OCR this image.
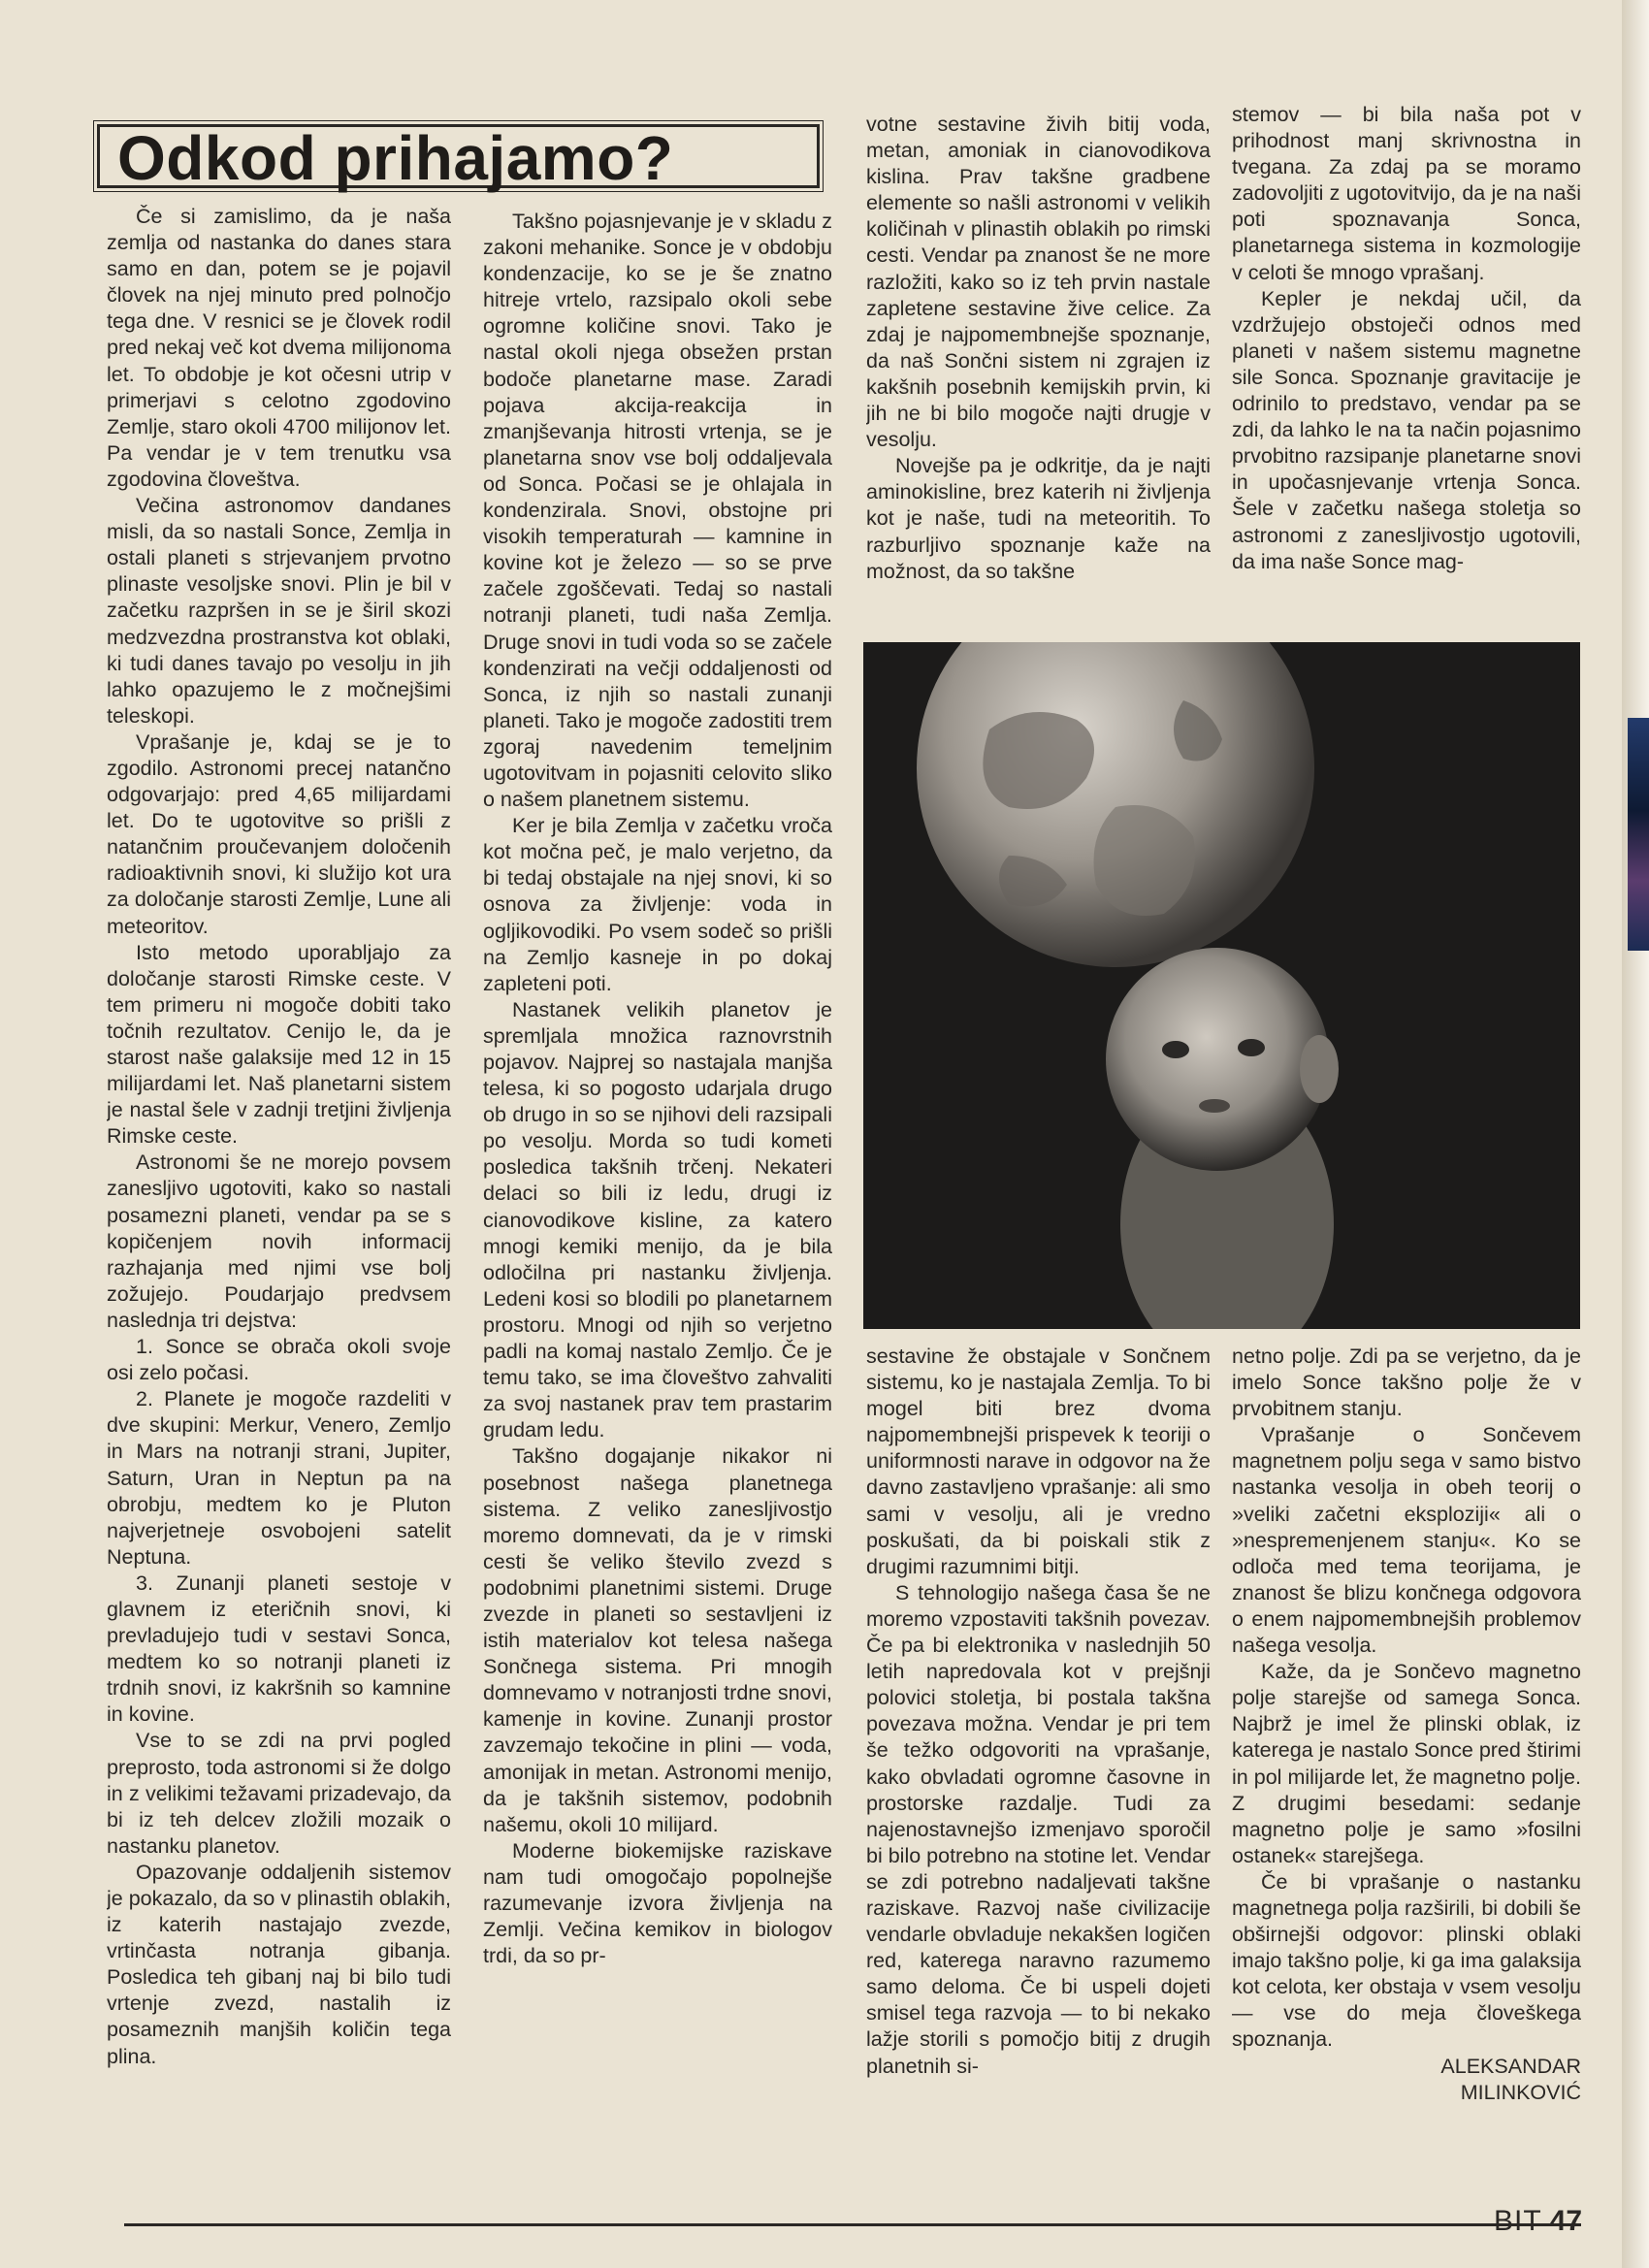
Odkod prihajamo?

Če si zamislimo, da je naša zemlja od nastanka do danes stara samo en dan, potem se je pojavil človek na njej minuto pred polnočjo tega dne. V resnici se je človek rodil pred nekaj več kot dvema milijonoma let. To obdobje je kot očesni utrip v primerjavi s celotno zgodovino Zemlje, staro okoli 4700 milijonov let. Pa vendar je v tem trenutku vsa zgodovina človeštva.

Večina astronomov dandanes misli, da so nastali Sonce, Zemlja in ostali planeti s strjevanjem prvotno plinaste vesoljske snovi. Plin je bil v začetku razpršen in se je širil skozi medzvezdna prostranstva kot oblaki, ki tudi danes tavajo po vesolju in jih lahko opazujemo le z močnejšimi teleskopi.

Vprašanje je, kdaj se je to zgodilo. Astronomi precej natančno odgovarjajo: pred 4,65 milijardami let. Do te ugotovitve so prišli z natančnim proučevanjem določenih radioaktivnih snovi, ki služijo kot ura za določanje starosti Zemlje, Lune ali meteoritov.

Isto metodo uporabljajo za določanje starosti Rimske ceste. V tem primeru ni mogoče dobiti tako točnih rezultatov. Cenijo le, da je starost naše galaksije med 12 in 15 milijardami let. Naš planetarni sistem je nastal šele v zadnji tretjini življenja Rimske ceste.

Astronomi še ne morejo povsem zanesljivo ugotoviti, kako so nastali posamezni planeti, vendar pa se s kopičenjem novih informacij razhajanja med njimi vse bolj zožujejo. Poudarjajo predvsem naslednja tri dejstva:

1. Sonce se obrača okoli svoje osi zelo počasi.

2. Planete je mogoče razdeliti v dve skupini: Merkur, Venero, Zemljo in Mars na notranji strani, Jupiter, Saturn, Uran in Neptun pa na obrobju, medtem ko je Pluton najverjetneje osvobojeni satelit Neptuna.

3. Zunanji planeti sestoje v glavnem iz eteričnih snovi, ki prevladujejo tudi v sestavi Sonca, medtem ko so notranji planeti iz trdnih snovi, iz kakršnih so kamnine in kovine.

Vse to se zdi na prvi pogled preprosto, toda astronomi si že dolgo in z velikimi težavami prizadevajo, da bi iz teh delcev zložili mozaik o nastanku planetov.

Opazovanje oddaljenih sistemov je pokazalo, da so v plinastih oblakih, iz katerih nastajajo zvezde, vrtinčasta notranja gibanja. Posledica teh gibanj naj bi bilo tudi vrtenje zvezd, nastalih iz posameznih manjših količin tega plina.

Takšno pojasnjevanje je v skladu z zakoni mehanike. Sonce je v obdobju kondenzacije, ko se je še znatno hitreje vrtelo, razsipalo okoli sebe ogromne količine snovi. Tako je nastal okoli njega obsežen prstan bodoče planetarne mase. Zaradi pojava akcija-reakcija in zmanjševanja hitrosti vrtenja, se je planetarna snov vse bolj oddaljevala od Sonca. Počasi se je ohlajala in kondenzirala. Snovi, obstojne pri visokih temperaturah — kamnine in kovine kot je železo — so se prve začele zgoščevati. Tedaj so nastali notranji planeti, tudi naša Zemlja. Druge snovi in tudi voda so se začele kondenzirati na večji oddaljenosti od Sonca, iz njih so nastali zunanji planeti. Tako je mogoče zadostiti trem zgoraj navedenim temeljnim ugotovitvam in pojasniti celovito sliko o našem planetnem sistemu.

Ker je bila Zemlja v začetku vroča kot močna peč, je malo verjetno, da bi tedaj obstajale na njej snovi, ki so osnova za življenje: voda in ogljikovodiki. Po vsem sodeč so prišli na Zemljo kasneje in po dokaj zapleteni poti.

Nastanek velikih planetov je spremljala množica raznovrstnih pojavov. Najprej so nastajala manjša telesa, ki so pogosto udarjala drugo ob drugo in so se njihovi deli razsipali po vesolju. Morda so tudi kometi posledica takšnih trčenj. Nekateri delaci so bili iz ledu, drugi iz cianovodikove kisline, za katero mnogi kemiki menijo, da je bila odločilna pri nastanku življenja. Ledeni kosi so blodili po planetarnem prostoru. Mnogi od njih so verjetno padli na komaj nastalo Zemljo. Če je temu tako, se ima človeštvo zahvaliti za svoj nastanek prav tem prastarim grudam ledu.

Takšno dogajanje nikakor ni posebnost našega planetnega sistema. Z veliko zanesljivostjo moremo domnevati, da je v rimski cesti še veliko število zvezd s podobnimi planetnimi sistemi. Druge zvezde in planeti so sestavljeni iz istih materialov kot telesa našega Sončnega sistema. Pri mnogih domnevamo v notranjosti trdne snovi, kamenje in kovine. Zunanji prostor zavzemajo tekočine in plini — voda, amonijak in metan. Astronomi menijo, da je takšnih sistemov, podobnih našemu, okoli 10 milijard.

Moderne biokemijske raziskave nam tudi omogočajo popolnejše razumevanje izvora življenja na Zemlji. Večina kemikov in biologov trdi, da so pr-

votne sestavine živih bitij voda, metan, amoniak in cianovodikova kislina. Prav takšne gradbene elemente so našli astronomi v velikih količinah v plinastih oblakih po rimski cesti. Vendar pa znanost še ne more razložiti, kako so iz teh prvin nastale zapletene sestavine žive celice. Za zdaj je najpomembnejše spoznanje, da naš Sončni sistem ni zgrajen iz kakšnih posebnih kemijskih prvin, ki jih ne bi bilo mogoče najti drugje v vesolju.

Novejše pa je odkritje, da je najti aminokisline, brez katerih ni življenja kot je naše, tudi na meteoritih. To razburljivo spoznanje kaže na možnost, da so takšne

stemov — bi bila naša pot v prihodnost manj skrivnostna in tvegana. Za zdaj pa se moramo zadovoljiti z ugotovitvijo, da je na naši poti spoznavanja Sonca, planetarnega sistema in kozmologije v celoti še mnogo vprašanj.

Kepler je nekdaj učil, da vzdržujejo obstoječi odnos med planeti v našem sistemu magnetne sile Sonca. Spoznanje gravitacije je odrinilo to predstavo, vendar pa se zdi, da lahko le na ta način pojasnimo prvobitno razsipanje planetarne snovi in upočasnjevanje vrtenja Sonca. Šele v začetku našega stoletja so astronomi z zanesljivostjo ugotovili, da ima naše Sonce mag-

sestavine že obstajale v Sončnem sistemu, ko je nastajala Zemlja. To bi mogel biti brez dvoma najpomembnejši prispevek k teoriji o uniformnosti narave in odgovor na že davno zastavljeno vprašanje: ali smo sami v vesolju, ali je vredno poskušati, da bi poiskali stik z drugimi razumnimi bitji.

S tehnologijo našega časa še ne moremo vzpostaviti takšnih povezav. Če pa bi elektronika v naslednjih 50 letih napredovala kot v prejšnji polovici stoletja, bi postala takšna povezava možna. Vendar je pri tem še težko odgovoriti na vprašanje, kako obvladati ogromne časovne in prostorske razdalje. Tudi za najenostavnejšo izmenjavo sporočil bi bilo potrebno na stotine let. Vendar se zdi potrebno nadaljevati takšne raziskave. Razvoj naše civilizacije vendarle obvladuje nekakšen logičen red, katerega naravno razumemo samo deloma. Če bi uspeli dojeti smisel tega razvoja — to bi nekako lažje storili s pomočjo bitij z drugih planetnih si-

netno polje. Zdi pa se verjetno, da je imelo Sonce takšno polje že v prvobitnem stanju.

Vprašanje o Sončevem magnetnem polju sega v samo bistvo nastanka vesolja in obeh teorij o »veliki začetni eksploziji« ali o »nespremenjenem stanju«. Ko se odloča med tema teorijama, je znanost še blizu končnega odgovora o enem najpomembnejših problemov našega vesolja.

Kaže, da je Sončevo magnetno polje starejše od samega Sonca. Najbrž je imel že plinski oblak, iz katerega je nastalo Sonce pred štirimi in pol milijarde let, že magnetno polje. Z drugimi besedami: sedanje magnetno polje je samo »fosilni ostanek« starejšega.

Če bi vprašanje o nastanku magnetnega polja razširili, bi dobili še obširnejši odgovor: plinski oblaki imajo takšno polje, ki ga ima galaksija kot celota, ker obstaja v vsem vesolju — vse do meja človeškega spoznanja.

ALEKSANDAR

MILINKOVIĆ

BIT 47
